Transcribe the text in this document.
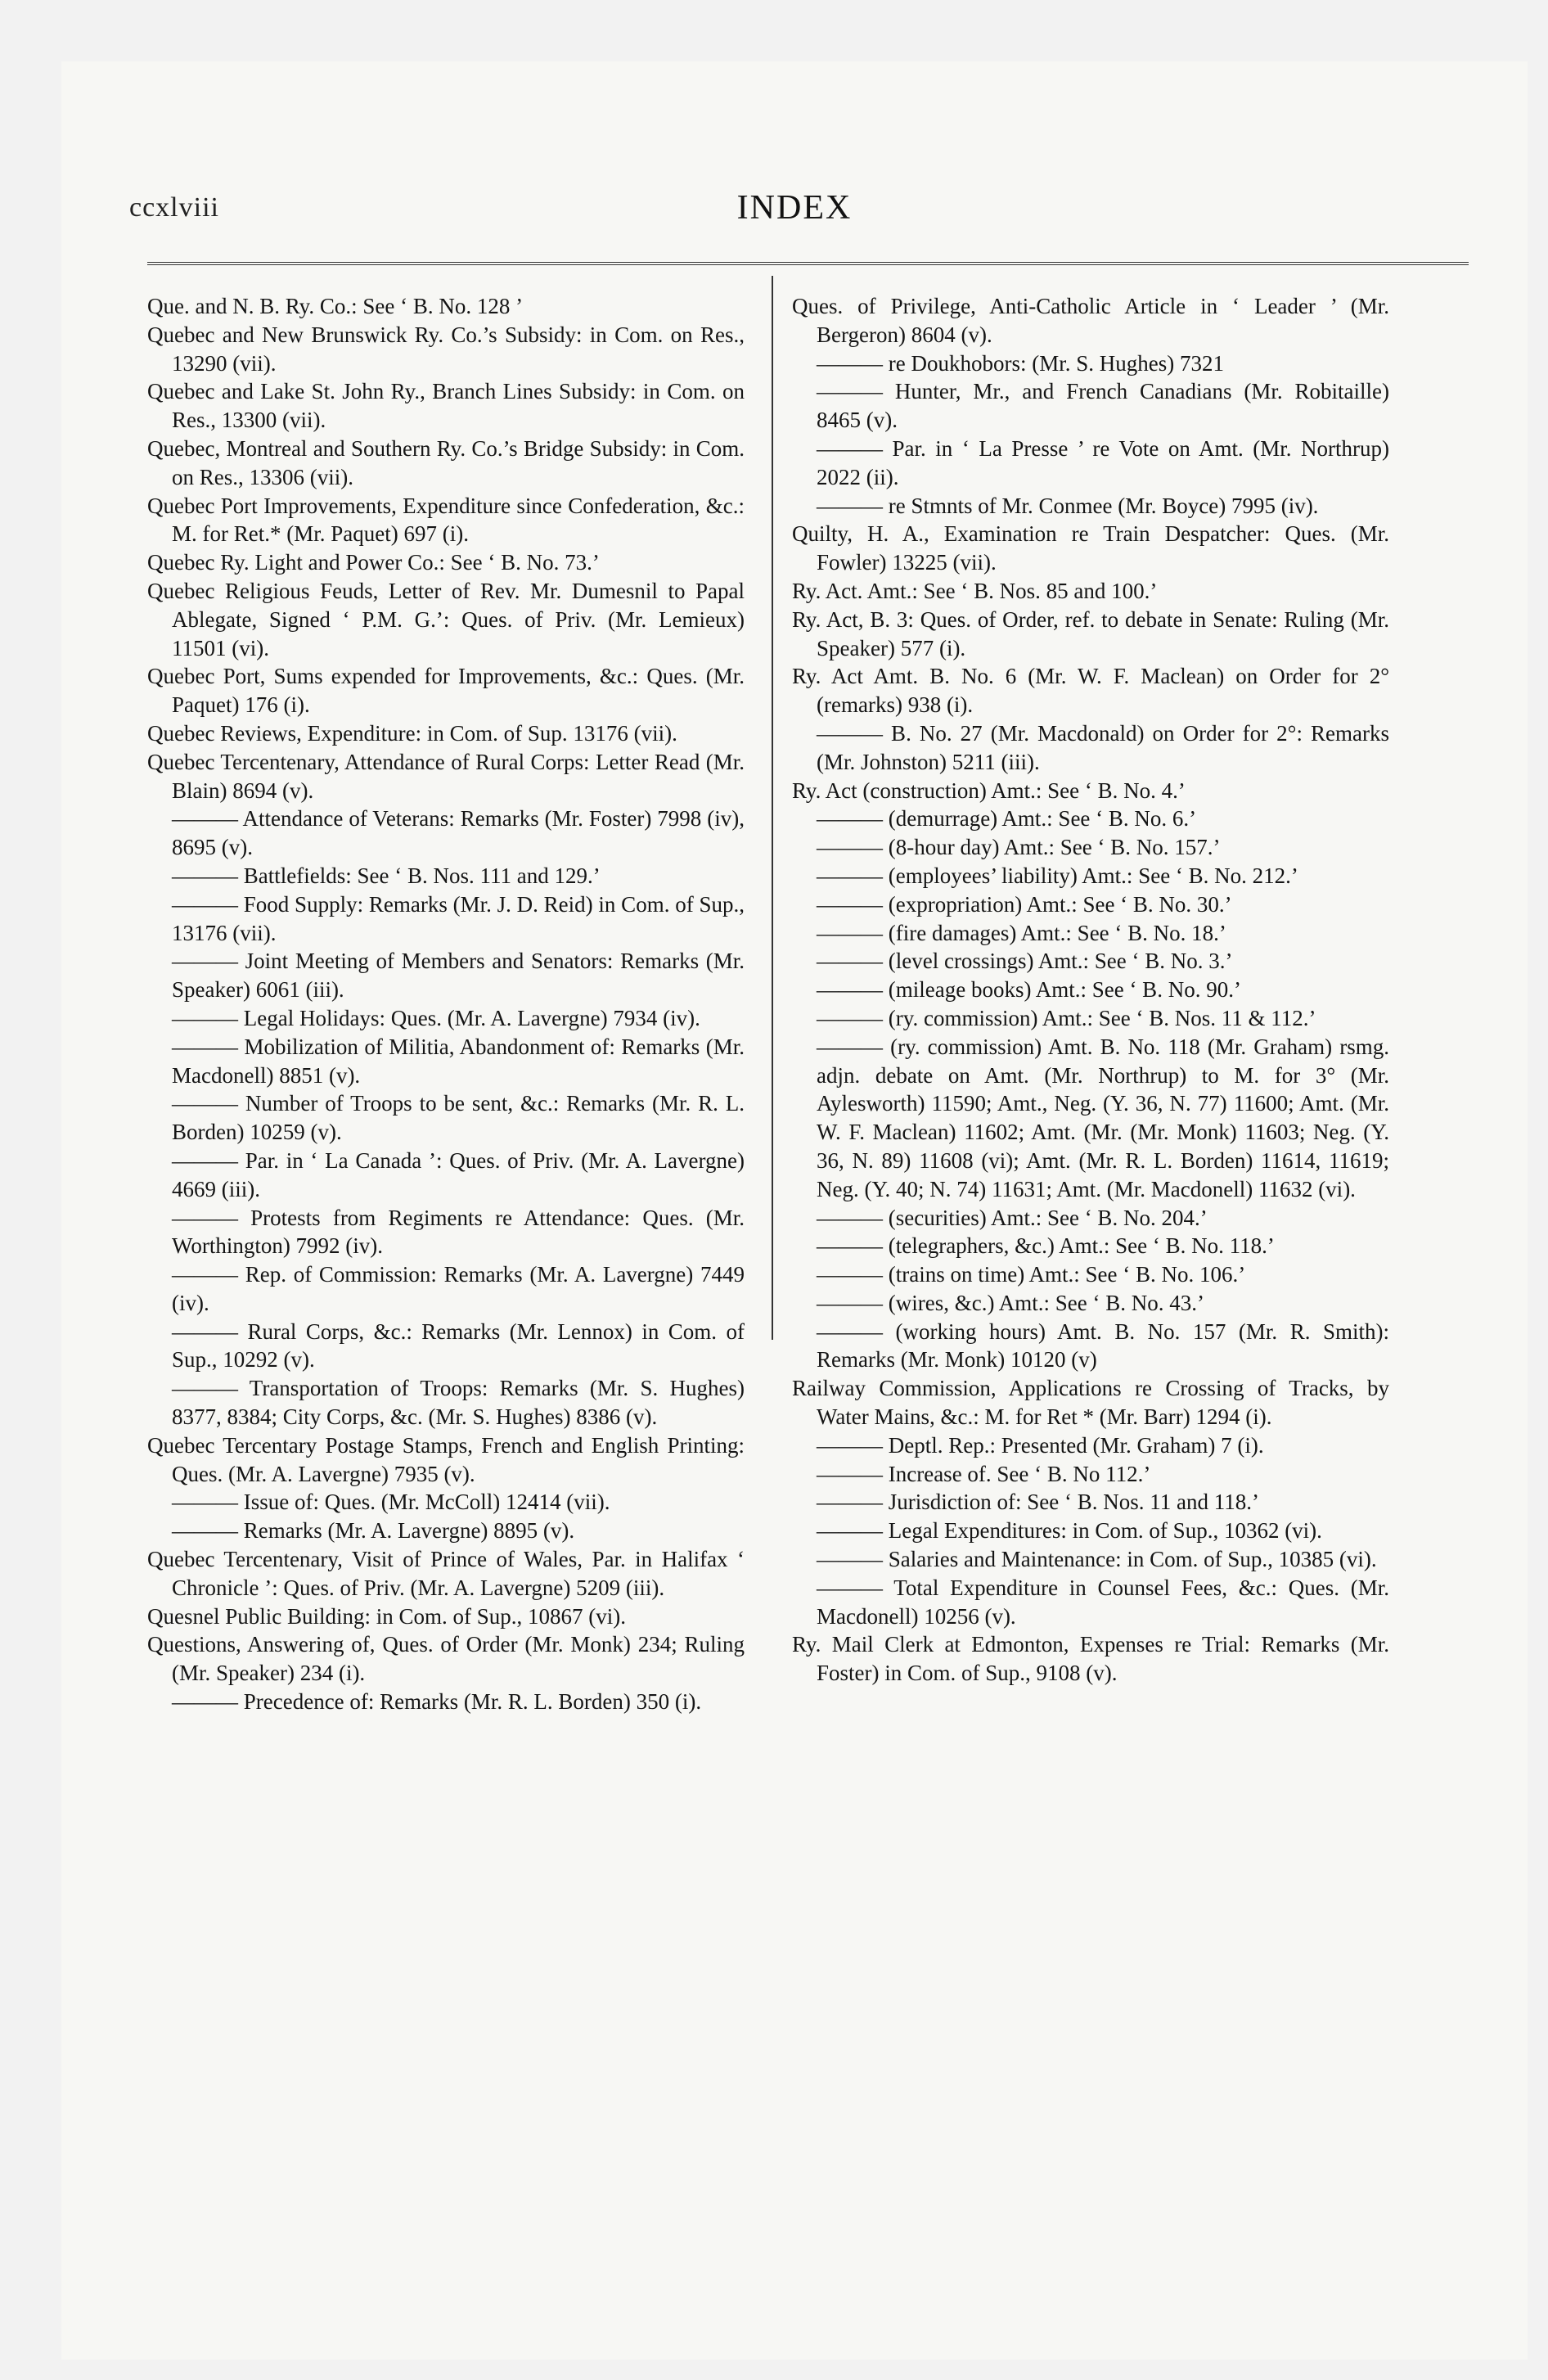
ccxlviii	INDEX

Que. and N. B. Ry. Co.: See ‘ B. No. 128 ’

Quebec and New Brunswick Ry. Co.’s Subsidy: in Com. on Res., 13290 (vii).

Quebec and Lake St. John Ry., Branch Lines Subsidy: in Com. on Res., 13300 (vii).

Quebec, Montreal and Southern Ry. Co.’s Bridge Subsidy: in Com. on Res., 13306 (vii).

Quebec Port Improvements, Expenditure since Confederation, &c.: M. for Ret.* (Mr. Paquet) 697 (i).

Quebec Ry. Light and Power Co.: See ‘ B. No. 73.’

Quebec Religious Feuds, Letter of Rev. Mr. Dumesnil to Papal Ablegate, Signed ‘ P.M. G.’: Ques. of Priv. (Mr. Lemieux) 11501 (vi).

Quebec Port, Sums expended for Improvements, &c.: Ques. (Mr. Paquet) 176 (i).

Quebec Reviews, Expenditure: in Com. of Sup. 13176 (vii).

Quebec Tercentenary, Attendance of Rural Corps: Letter Read (Mr. Blain) 8694 (v).

——— Attendance of Veterans: Remarks (Mr. Foster) 7998 (iv), 8695 (v).

——— Battlefields: See ‘ B. Nos. 111 and 129.’

——— Food Supply: Remarks (Mr. J. D. Reid) in Com. of Sup., 13176 (vii).

——— Joint Meeting of Members and Senators: Remarks (Mr. Speaker) 6061 (iii).

——— Legal Holidays: Ques. (Mr. A. Lavergne) 7934 (iv).

——— Mobilization of Militia, Abandonment of: Remarks (Mr. Macdonell) 8851 (v).

——— Number of Troops to be sent, &c.: Remarks (Mr. R. L. Borden) 10259 (v).

——— Par. in ‘ La Canada ’: Ques. of Priv. (Mr. A. Lavergne) 4669 (iii).

——— Protests from Regiments re Attendance: Ques. (Mr. Worthington) 7992 (iv).

——— Rep. of Commission: Remarks (Mr. A. Lavergne) 7449 (iv).

——— Rural Corps, &c.: Remarks (Mr. Lennox) in Com. of Sup., 10292 (v).

——— Transportation of Troops: Remarks (Mr. S. Hughes) 8377, 8384; City Corps, &c. (Mr. S. Hughes) 8386 (v).

Quebec Tercentary Postage Stamps, French and English Printing: Ques. (Mr. A. Lavergne) 7935 (v).

——— Issue of: Ques. (Mr. McColl) 12414 (vii).

——— Remarks (Mr. A. Lavergne) 8895 (v).

Quebec Tercentenary, Visit of Prince of Wales, Par. in Halifax ‘ Chronicle ’: Ques. of Priv. (Mr. A. Lavergne) 5209 (iii).

Quesnel Public Building: in Com. of Sup., 10867 (vi).

Questions, Answering of, Ques. of Order (Mr. Monk) 234; Ruling (Mr. Speaker) 234 (i).

——— Precedence of: Remarks (Mr. R. L. Borden) 350 (i).

Ques. of Privilege, Anti-Catholic Article in ‘ Leader ’ (Mr. Bergeron) 8604 (v).

——— re Doukhobors: (Mr. S. Hughes) 7321

——— Hunter, Mr., and French Canadians (Mr. Robitaille) 8465 (v).

——— Par. in ‘ La Presse ’ re Vote on Amt. (Mr. Northrup) 2022 (ii).

——— re Stmnts of Mr. Conmee (Mr. Boyce) 7995 (iv).

Quilty, H. A., Examination re Train Despatcher: Ques. (Mr. Fowler) 13225 (vii).

Ry. Act. Amt.: See ‘ B. Nos. 85 and 100.’

Ry. Act, B. 3: Ques. of Order, ref. to debate in Senate: Ruling (Mr. Speaker) 577 (i).

Ry. Act Amt. B. No. 6 (Mr. W. F. Maclean) on Order for 2° (remarks) 938 (i).

——— B. No. 27 (Mr. Macdonald) on Order for 2°: Remarks (Mr. Johnston) 5211 (iii).

Ry. Act (construction) Amt.: See ‘ B. No. 4.’

——— (demurrage) Amt.: See ‘ B. No. 6.’

——— (8-hour day) Amt.: See ‘ B. No. 157.’

——— (employees’ liability) Amt.: See ‘ B. No. 212.’

——— (expropriation) Amt.: See ‘ B. No. 30.’

——— (fire damages) Amt.: See ‘ B. No. 18.’

——— (level crossings) Amt.: See ‘ B. No. 3.’

——— (mileage books) Amt.: See ‘ B. No. 90.’

——— (ry. commission) Amt.: See ‘ B. Nos. 11 & 112.’

——— (ry. commission) Amt. B. No. 118 (Mr. Graham) rsmg. adjn. debate on Amt. (Mr. Northrup) to M. for 3° (Mr. Aylesworth) 11590; Amt., Neg. (Y. 36, N. 77) 11600; Amt. (Mr. W. F. Maclean) 11602; Amt. (Mr. (Mr. Monk) 11603; Neg. (Y. 36, N. 89) 11608 (vi); Amt. (Mr. R. L. Borden) 11614, 11619; Neg. (Y. 40; N. 74) 11631; Amt. (Mr. Macdonell) 11632 (vi).

——— (securities) Amt.: See ‘ B. No. 204.’

——— (telegraphers, &c.) Amt.: See ‘ B. No. 118.’

——— (trains on time) Amt.: See ‘ B. No. 106.’

——— (wires, &c.) Amt.: See ‘ B. No. 43.’

——— (working hours) Amt. B. No. 157 (Mr. R. Smith): Remarks (Mr. Monk) 10120 (v)

Railway Commission, Applications re Crossing of Tracks, by Water Mains, &c.: M. for Ret * (Mr. Barr) 1294 (i).

——— Deptl. Rep.: Presented (Mr. Graham) 7 (i).

——— Increase of. See ‘ B. No 112.’

——— Jurisdiction of: See ‘ B. Nos. 11 and 118.’

——— Legal Expenditures: in Com. of Sup., 10362 (vi).

——— Salaries and Maintenance: in Com. of Sup., 10385 (vi).

——— Total Expenditure in Counsel Fees, &c.: Ques. (Mr. Macdonell) 10256 (v).

Ry. Mail Clerk at Edmonton, Expenses re Trial: Remarks (Mr. Foster) in Com. of Sup., 9108 (v).
